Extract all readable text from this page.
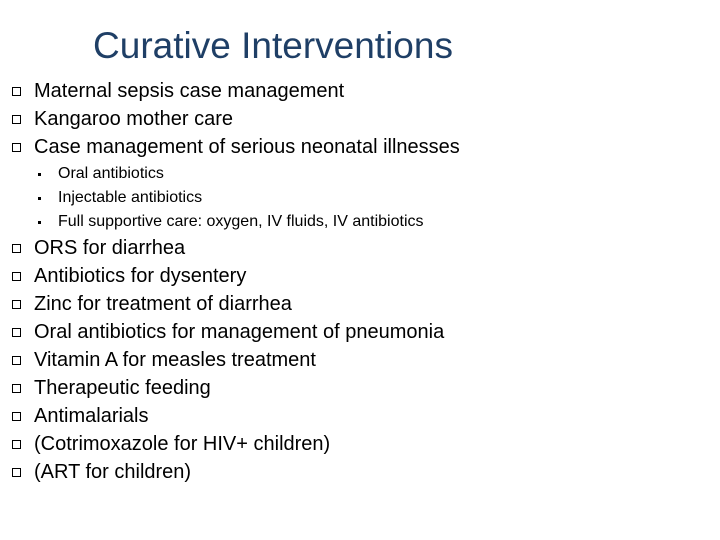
Curative Interventions
Maternal sepsis case management
Kangaroo mother care
Case management of serious neonatal illnesses
Oral antibiotics
Injectable antibiotics
Full supportive care: oxygen, IV fluids, IV antibiotics
ORS for diarrhea
Antibiotics for dysentery
Zinc for treatment of diarrhea
Oral antibiotics for management of pneumonia
Vitamin A for measles treatment
Therapeutic feeding
Antimalarials
(Cotrimoxazole for HIV+ children)
(ART for children)
